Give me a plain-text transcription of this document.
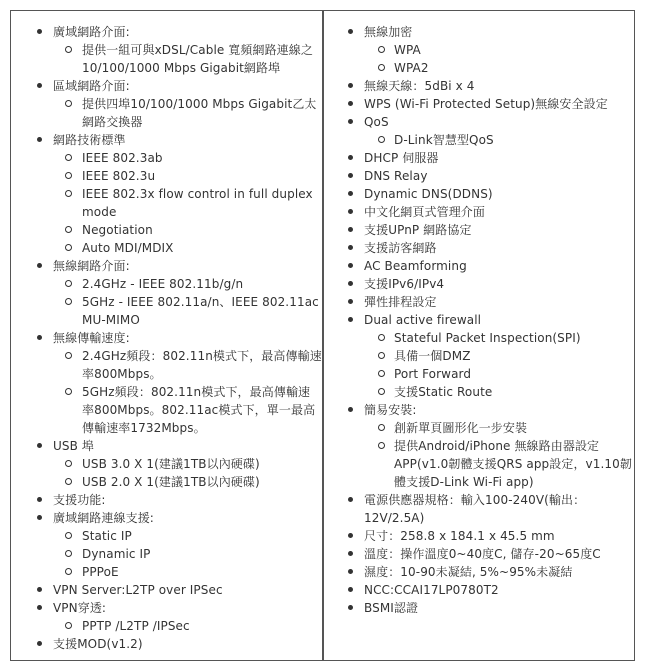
廣域網路介面:
提供一組可與xDSL/Cable 寬頻網路連線之10/100/1000 Mbps Gigabit網路埠
區域網路介面:
提供四埠10/100/1000 Mbps Gigabit乙太網路交換器
網路技術標準
IEEE 802.3ab
IEEE 802.3u
IEEE 802.3x flow control in full duplex mode
Negotiation
Auto MDI/MDIX
無線網路介面:
2.4GHz - IEEE 802.11b/g/n
5GHz - IEEE 802.11a/n、IEEE 802.11ac MU-MIMO
無線傳輸速度:
2.4GHz頻段：802.11n模式下，最高傳輸速率800Mbps。
5GHz頻段：802.11n模式下，最高傳輸速率800Mbps。802.11ac模式下，單一最高傳輸速率1732Mbps。
USB 埠
USB 3.0 X 1(建議1TB以內硬碟)
USB 2.0 X 1(建議1TB以內硬碟)
支援功能:
廣域網路連線支援:
Static IP
Dynamic IP
PPPoE
VPN Server:L2TP over IPSec
VPN穿透:
PPTP /L2TP /IPSec
支援MOD(v1.2)
無線加密
WPA
WPA2
無線天線：5dBi x 4
WPS (Wi-Fi Protected Setup)無線安全設定
QoS
D-Link智慧型QoS
DHCP 伺服器
DNS Relay
Dynamic DNS(DDNS)
中文化網頁式管理介面
支援UPnP 網路協定
支援訪客網路
AC Beamforming
支援IPv6/IPv4
彈性排程設定
Dual active firewall
Stateful Packet Inspection(SPI)
具備一個DMZ
Port Forward
支援Static Route
簡易安裝:
創新單頁圖形化一步安裝
提供Android/iPhone 無線路由器設定APP(v1.0韌體支援QRS app設定，v1.10韌體支援D-Link Wi-Fi app)
電源供應器規格：輸入100-240V(輸出：12V/2.5A)
尺寸：258.8 x 184.1 x 45.5 mm
溫度：操作溫度0~40度C, 儲存-20~65度C
濕度：10-90未凝結, 5%~95%未凝結
NCC:CCAI17LP0780T2
BSMI認證
